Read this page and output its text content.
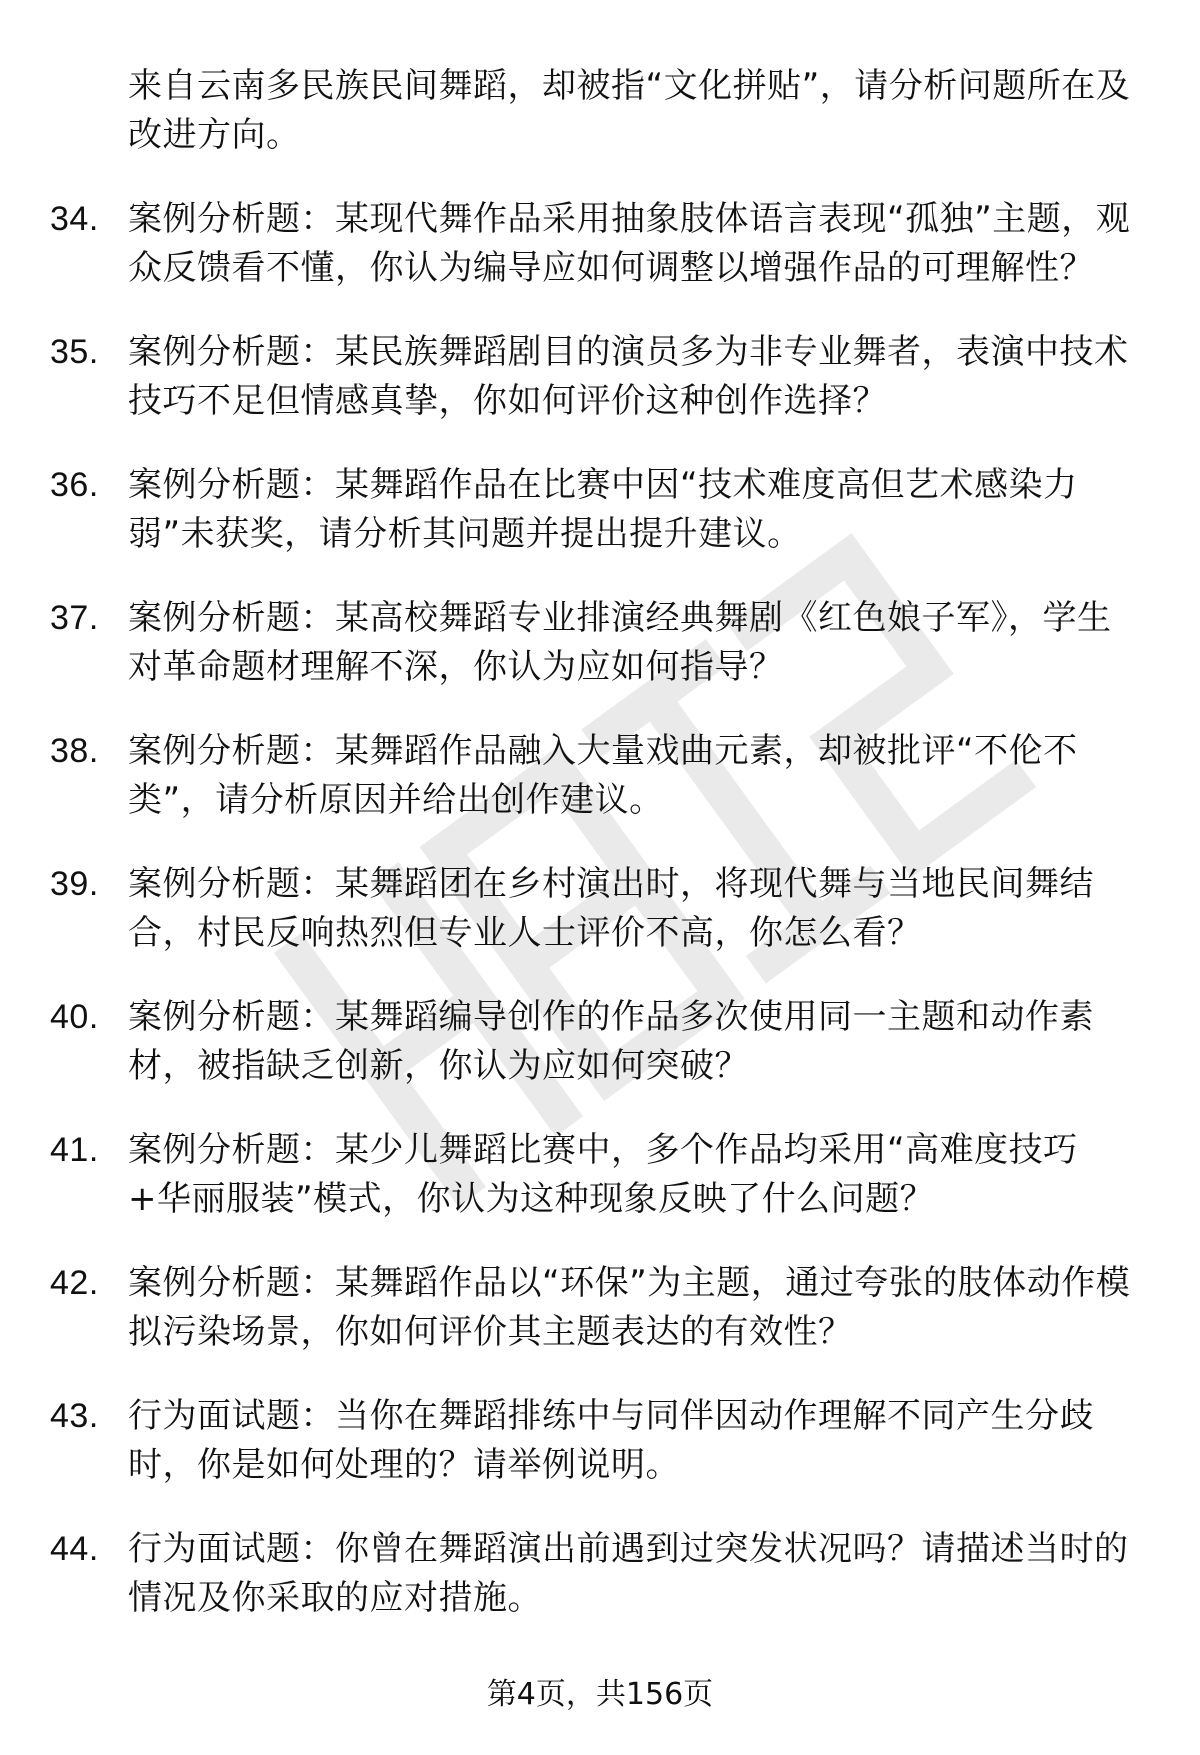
来自云南多民族民间舞蹈，却被指“文化拼贴”，请分析问题所在及改进方向。
34. 案例分析题：某现代舞作品采用抽象肢体语言表现“孤独”主题，观众反馈看不懂，你认为编导应如何调整以增强作品的可理解性？
35. 案例分析题：某民族舞蹈剧目的演员多为非专业舞者，表演中技术技巧不足但情感真挚，你如何评价这种创作选择？
36. 案例分析题：某舞蹈作品在比赛中因“技术难度高但艺术感染力弱”未获奖，请分析其问题并提出提升建议。
37. 案例分析题：某高校舞蹈专业排演经典舞剧《红色娘子军》，学生对革命题材理解不深，你认为应如何指导？
38. 案例分析题：某舞蹈作品融入大量戏曲元素，却被批评“不伦不类”，请分析原因并给出创作建议。
39. 案例分析题：某舞蹈团在乡村演出时，将现代舞与当地民间舞结合，村民反响热烈但专业人士评价不高，你怎么看？
40. 案例分析题：某舞蹈编导创作的作品多次使用同一主题和动作素材，被指缺乏创新，你认为应如何突破？
41. 案例分析题：某少儿舞蹈比赛中，多个作品均采用“高难度技巧+华丽服装”模式，你认为这种现象反映了什么问题？
42. 案例分析题：某舞蹈作品以“环保”为主题，通过夸张的肢体动作模拟污染场景，你如何评价其主题表达的有效性？
43. 行为面试题：当你在舞蹈排练中与同伴因动作理解不同产生分歧时，你是如何处理的？请举例说明。
44. 行为面试题：你曾在舞蹈演出前遇到过突发状况吗？请描述当时的情况及你采取的应对措施。
第4页，共156页
